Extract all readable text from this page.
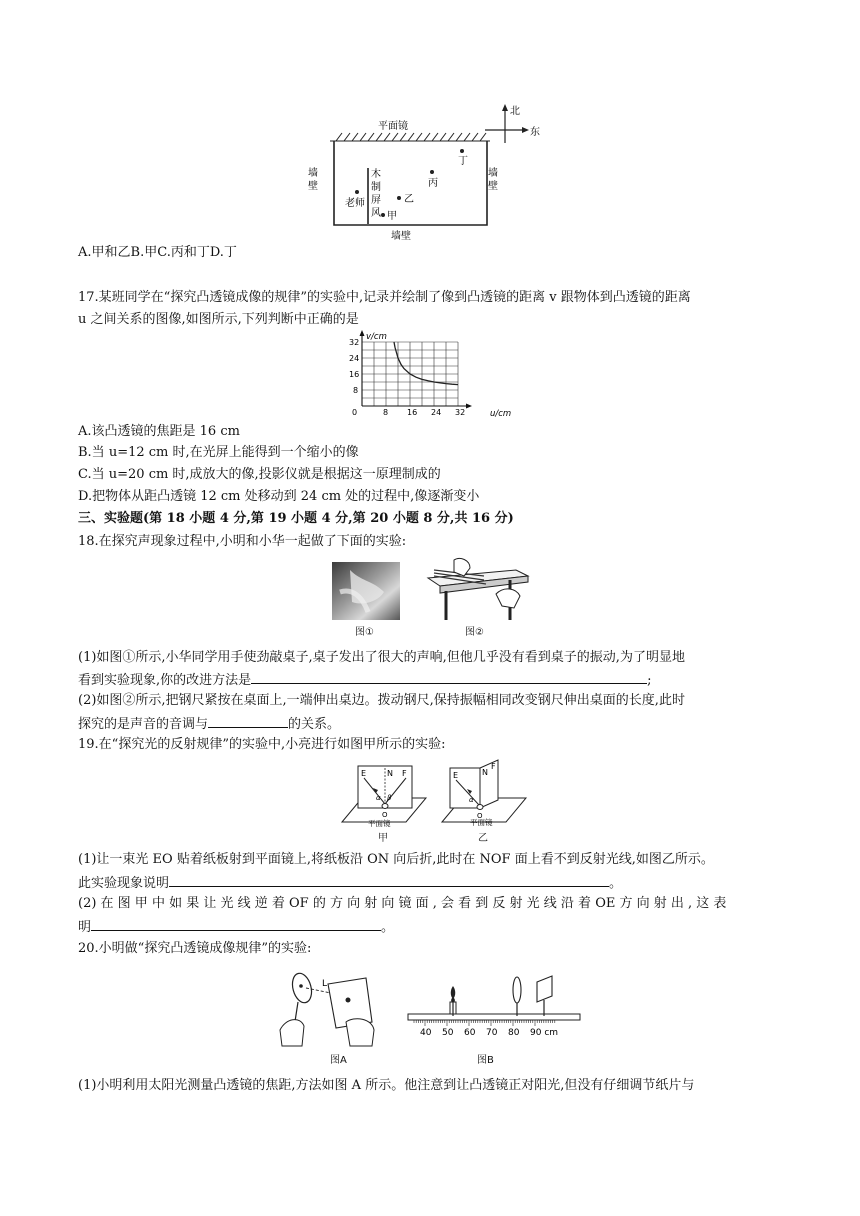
北
东
平面镜
墙壁
墙
壁
墙
壁
木
制
屏
风
老师
甲
乙
丙
丁
A.甲和乙B.甲C.丙和丁D.丁
17.某班同学在“探究凸透镜成像的规律”的实验中,记录并绘制了像到凸透镜的距离 v 跟物体到凸透镜的距离
u 之间关系的图像,如图所示,下列判断中正确的是
v/cm
u/cm
0	8 16 24 32
8
16
24
32
A.该凸透镜的焦距是 16 cm
B.当 u=12 cm 时,在光屏上能得到一个缩小的像
C.当 u=20 cm 时,成放大的像,投影仪就是根据这一原理制成的
D.把物体从距凸透镜 12 cm 处移动到 24 cm 处的过程中,像逐渐变小
三、实验题(第 18 小题 4 分,第 19 小题 4 分,第 20 小题 8 分,共 16 分)
18.在探究声现象过程中,小明和小华一起做了下面的实验:
图①	图②
(1)如图①所示,小华同学用手使劲敲桌子,桌子发出了很大的声响,但他几乎没有看到桌子的振动,为了明显地
看到实验现象,你的改进方法是	;
(2)如图②所示,把钢尺紧按在桌面上,一端伸出桌边。拨动钢尺,保持振幅相同改变钢尺伸出桌面的长度,此时
探究的是声音的音调与	的关系。
19.在“探究光的反射规律”的实验中,小亮进行如图甲所示的实验:
E	N F
α β
O
平面镜
甲
E	N
F
α
O
平面镜
乙
(1)让一束光 EO 贴着纸板射到平面镜上,将纸板沿 ON 向后折,此时在 NOF 面上看不到反射光线,如图乙所示。
此实验现象说明	。
(2) 在 图 甲 中 如 果 让 光 线 逆 着 OF 的 方 向 射 向 镜 面 , 会 看 到 反 射 光 线 沿 着 OE 方 向 射 出 , 这 表
明	。
20.小明做“探究凸透镜成像规律”的实验:
L
图A
40 50 60 70 80 90 cm
图B
(1)小明利用太阳光测量凸透镜的焦距,方法如图 A 所示。他注意到让凸透镜正对阳光,但没有仔细调节纸片与
